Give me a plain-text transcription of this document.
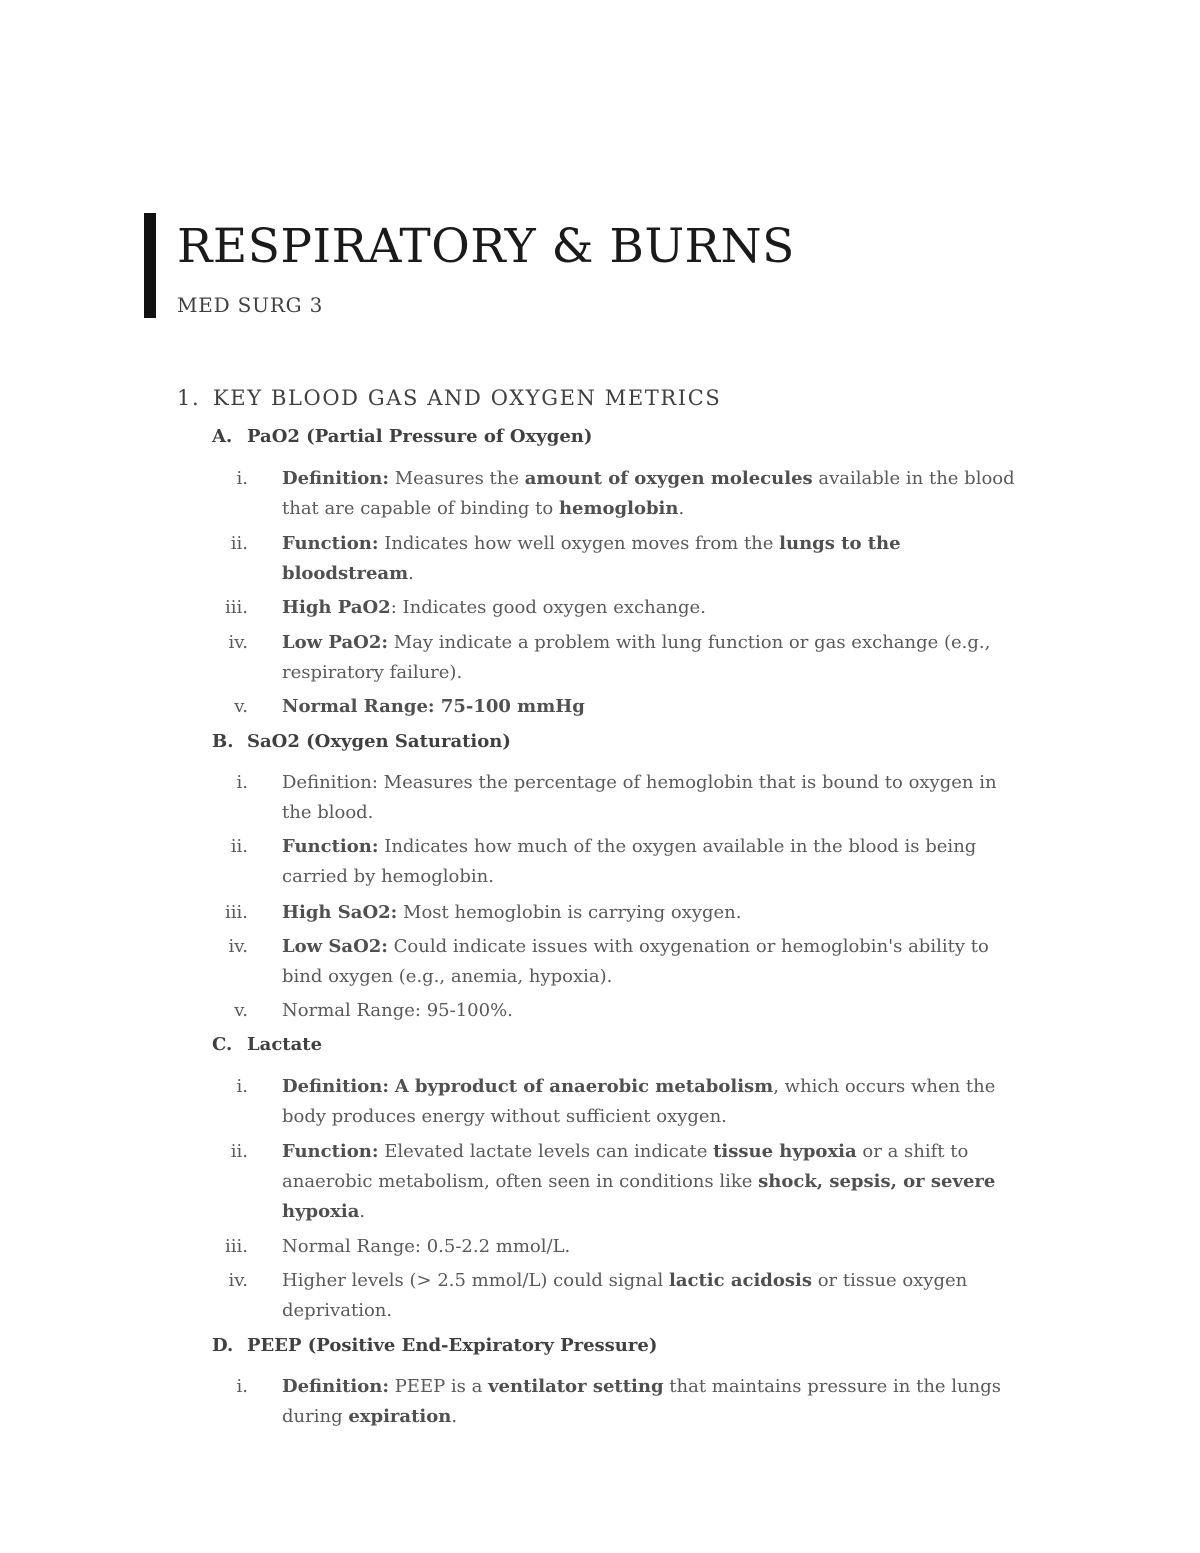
RESPIRATORY & BURNS
MED SURG 3
1. KEY BLOOD GAS AND OXYGEN METRICS
A. PaO2 (Partial Pressure of Oxygen)
i. Definition: Measures the amount of oxygen molecules available in the blood that are capable of binding to hemoglobin.
ii. Function: Indicates how well oxygen moves from the lungs to the bloodstream.
iii. High PaO2: Indicates good oxygen exchange.
iv. Low PaO2: May indicate a problem with lung function or gas exchange (e.g., respiratory failure).
v. Normal Range: 75-100 mmHg
B. SaO2 (Oxygen Saturation)
i. Definition: Measures the percentage of hemoglobin that is bound to oxygen in the blood.
ii. Function: Indicates how much of the oxygen available in the blood is being carried by hemoglobin.
iii. High SaO2: Most hemoglobin is carrying oxygen.
iv. Low SaO2: Could indicate issues with oxygenation or hemoglobin's ability to bind oxygen (e.g., anemia, hypoxia).
v. Normal Range: 95-100%.
C. Lactate
i. Definition: A byproduct of anaerobic metabolism, which occurs when the body produces energy without sufficient oxygen.
ii. Function: Elevated lactate levels can indicate tissue hypoxia or a shift to anaerobic metabolism, often seen in conditions like shock, sepsis, or severe hypoxia.
iii. Normal Range: 0.5-2.2 mmol/L.
iv. Higher levels (> 2.5 mmol/L) could signal lactic acidosis or tissue oxygen deprivation.
D. PEEP (Positive End-Expiratory Pressure)
i. Definition: PEEP is a ventilator setting that maintains pressure in the lungs during expiration.
